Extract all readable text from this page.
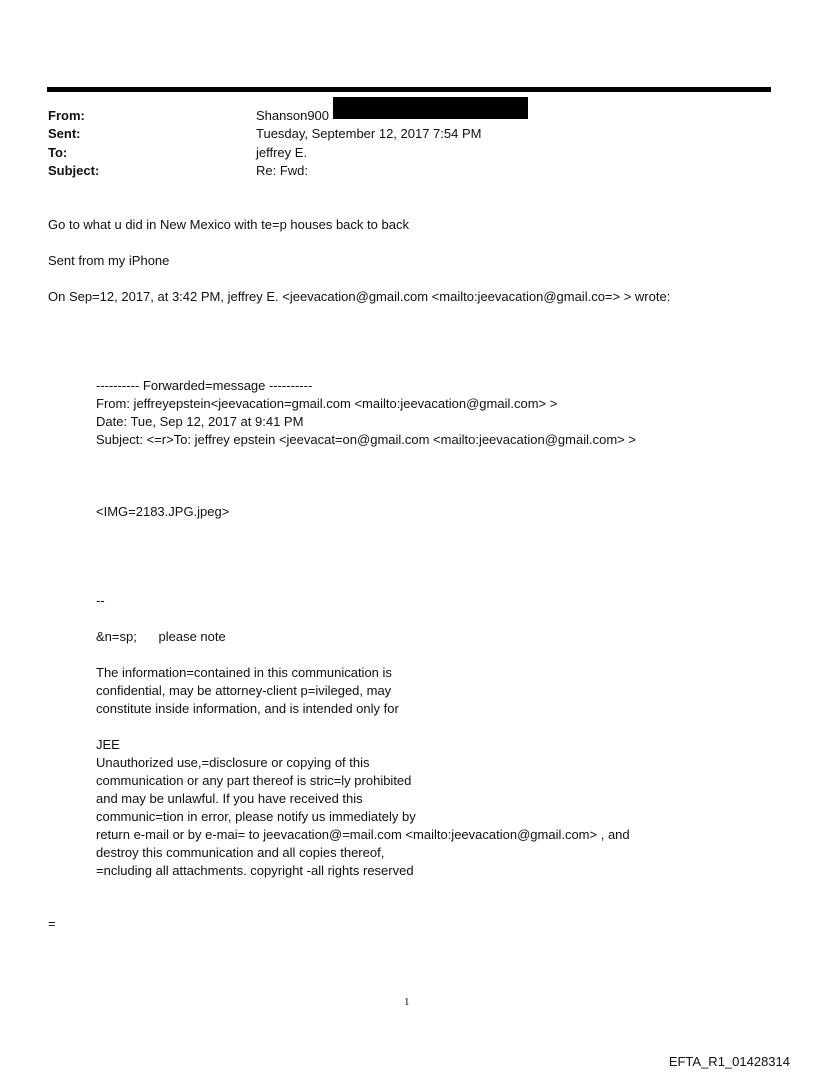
From:	Shanson900
Sent:	Tuesday, September 12, 2017 7:54 PM
To:	jeffrey E.
Subject:	Re: Fwd:
Go to what u did in New Mexico with te=p houses back to back
Sent from my iPhone
On Sep=12, 2017, at 3:42 PM, jeffrey E. <jeevacation@gmail.com <mailto:jeevacation@gmail.co=> > wrote:
---------- Forwarded=message ----------
From: jeffreyepstein<jeevacation=gmail.com <mailto:jeevacation@gmail.com> >
Date: Tue, Sep 12, 2017 at 9:41 PM
Subject: <=r>To: jeffrey epstein <jeevacat=on@gmail.com <mailto:jeevacation@gmail.com> >
<IMG=2183.JPG.jpeg>
--
&n=sp;      please note
The information=contained in this communication is
confidential, may be attorney-client p=ivileged, may
constitute inside information, and is intended only for
JEE
Unauthorized use,=disclosure or copying of this
communication or any part thereof is stric=ly prohibited
and may be unlawful. If you have received this
communic=tion in error, please notify us immediately by
return e-mail or by e-mai= to jeevacation@=mail.com <mailto:jeevacation@gmail.com> , and
destroy this communication and all copies thereof,
=ncluding all attachments. copyright -all rights reserved
=
1
EFTA_R1_01428314
